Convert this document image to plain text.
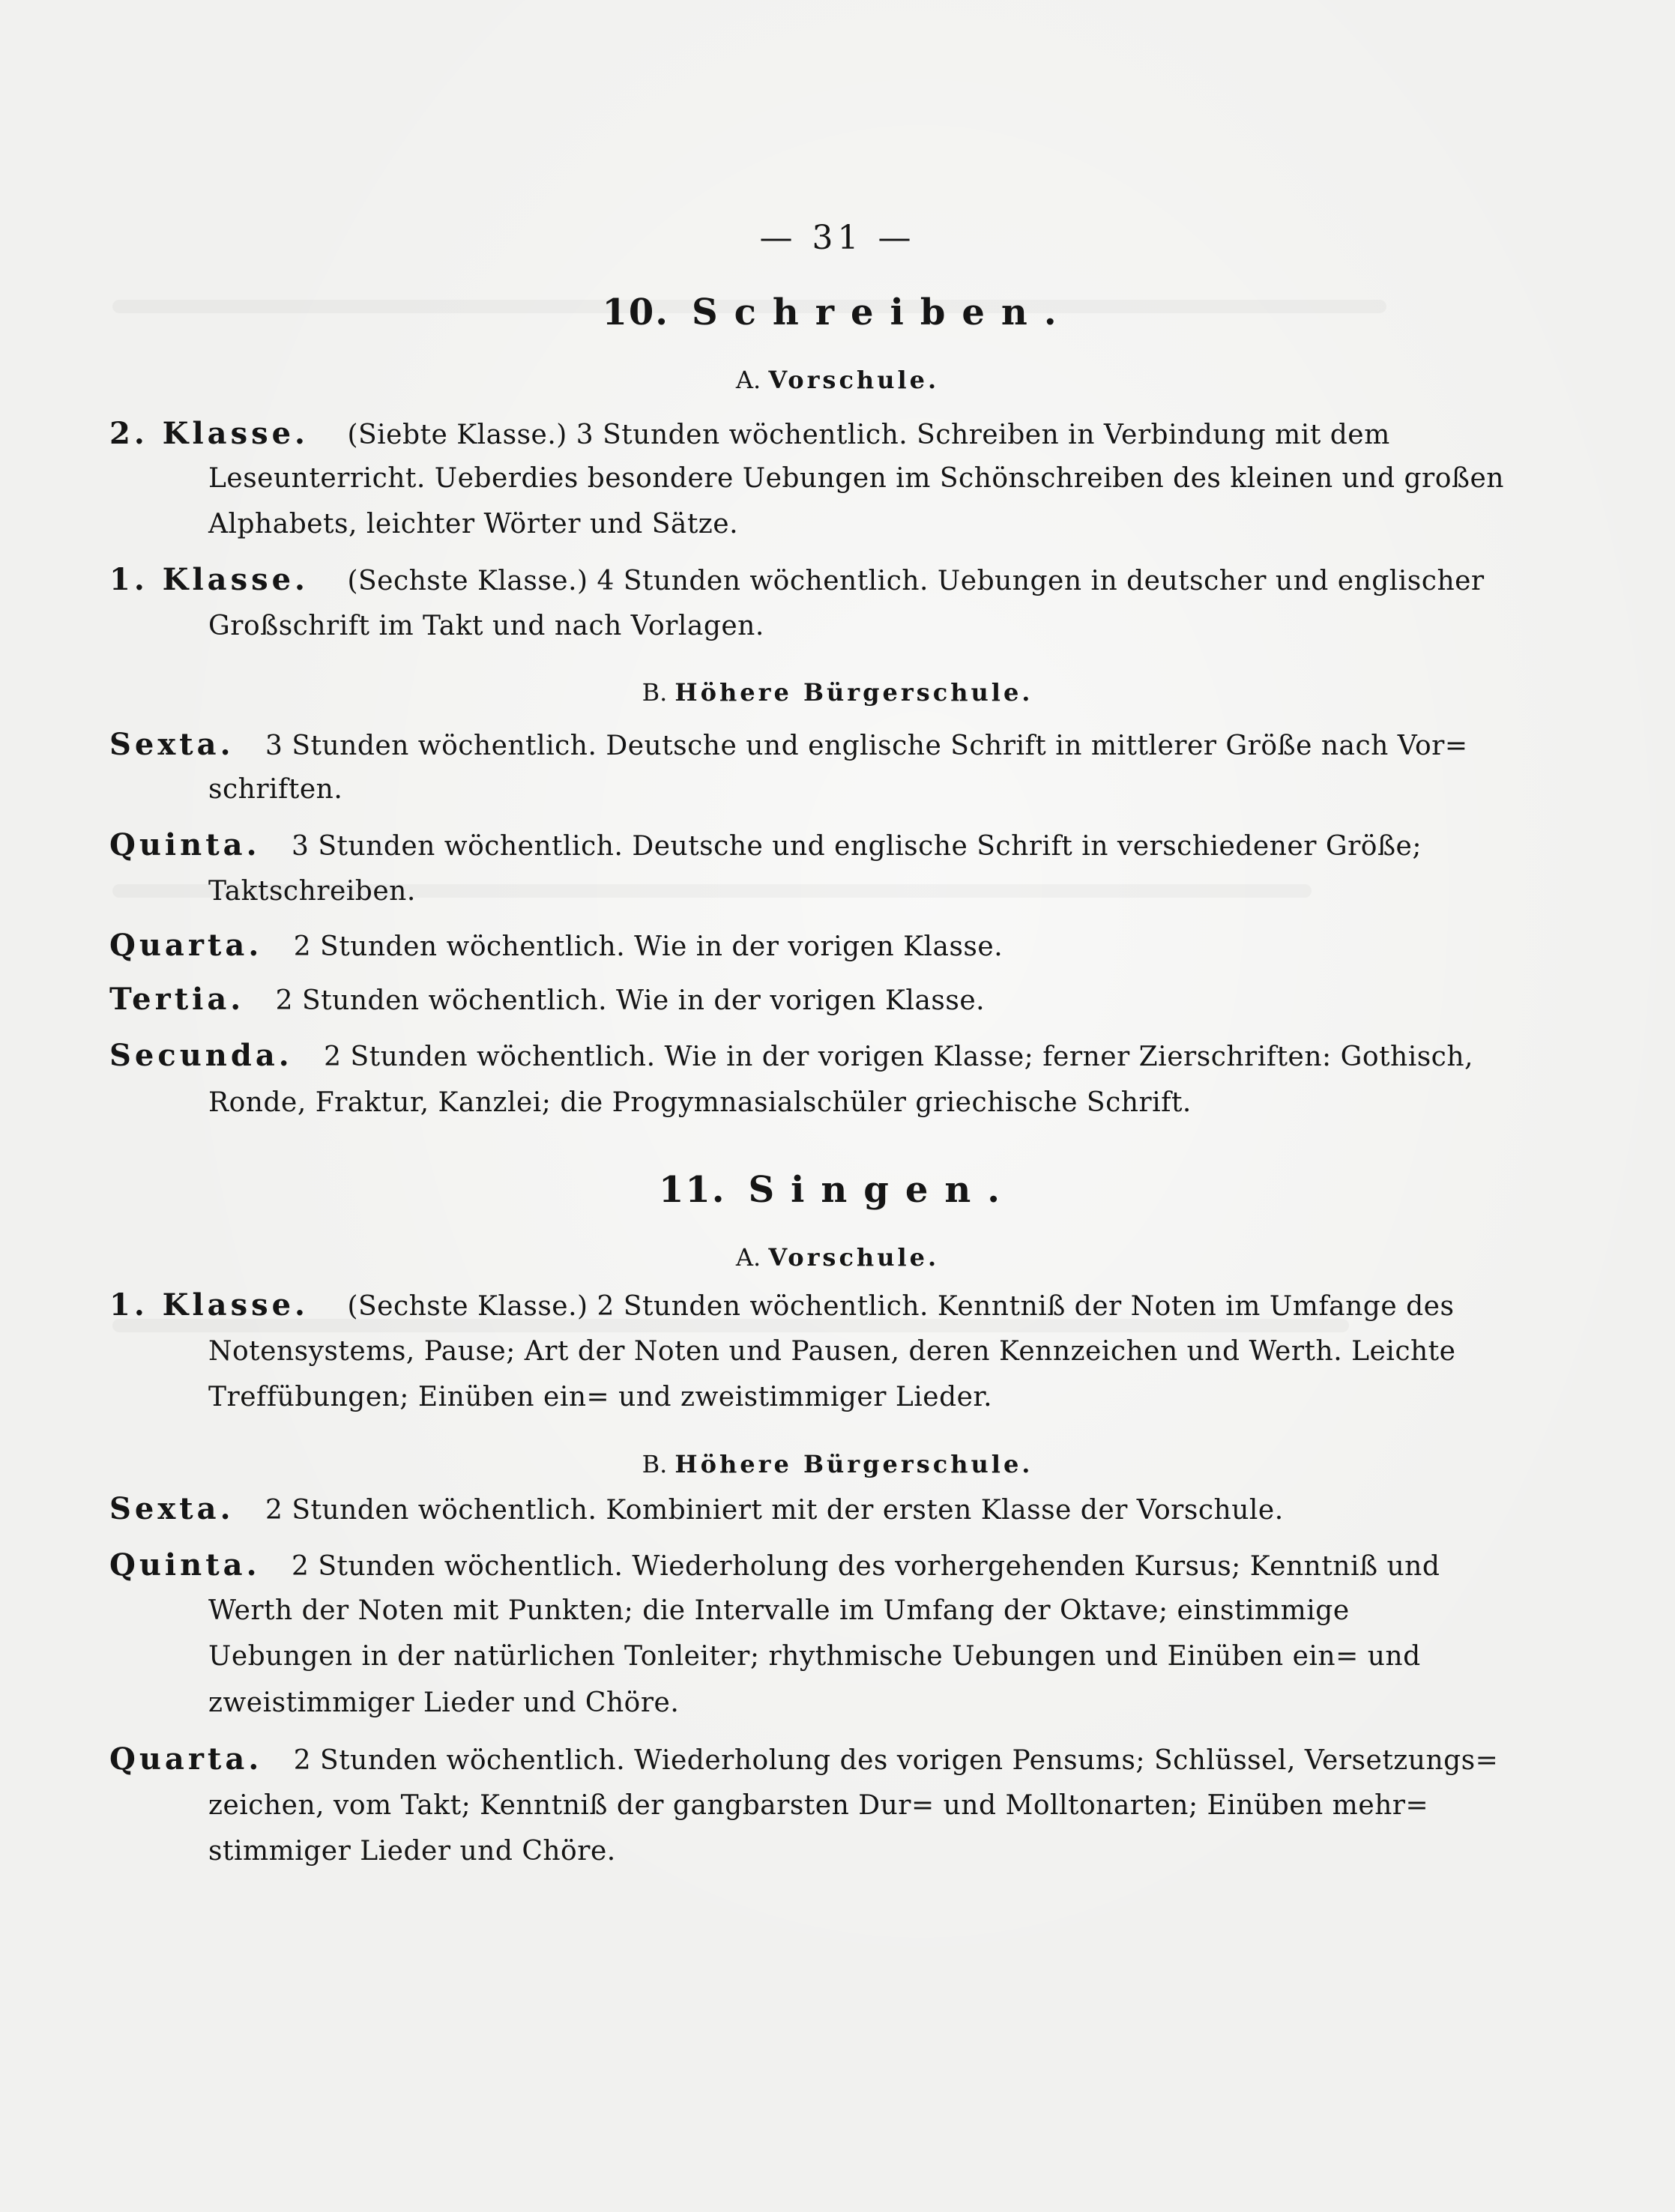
— 31 —
10. Schreiben.
A. Vorschule.
2. Klasse. (Siebte Klasse.) 3 Stunden wöchentlich. Schreiben in Verbindung mit dem
Leseunterricht. Ueberdies besondere Uebungen im Schönschreiben des kleinen und großen
Alphabets, leichter Wörter und Sätze.
1. Klasse. (Sechste Klasse.) 4 Stunden wöchentlich. Uebungen in deutscher und englischer
Großschrift im Takt und nach Vorlagen.
B. Höhere Bürgerschule.
Sexta. 3 Stunden wöchentlich. Deutsche und englische Schrift in mittlerer Größe nach Vor=
schriften.
Quinta. 3 Stunden wöchentlich. Deutsche und englische Schrift in verschiedener Größe;
Taktschreiben.
Quarta. 2 Stunden wöchentlich. Wie in der vorigen Klasse.
Tertia. 2 Stunden wöchentlich. Wie in der vorigen Klasse.
Secunda. 2 Stunden wöchentlich. Wie in der vorigen Klasse; ferner Zierschriften: Gothisch,
Ronde, Fraktur, Kanzlei; die Progymnasialschüler griechische Schrift.
11. Singen.
A. Vorschule.
1. Klasse. (Sechste Klasse.) 2 Stunden wöchentlich. Kenntniß der Noten im Umfange des
Notensystems, Pause; Art der Noten und Pausen, deren Kennzeichen und Werth. Leichte
Treffübungen; Einüben ein= und zweistimmiger Lieder.
B. Höhere Bürgerschule.
Sexta. 2 Stunden wöchentlich. Kombiniert mit der ersten Klasse der Vorschule.
Quinta. 2 Stunden wöchentlich. Wiederholung des vorhergehenden Kursus; Kenntniß und
Werth der Noten mit Punkten; die Intervalle im Umfang der Oktave; einstimmige
Uebungen in der natürlichen Tonleiter; rhythmische Uebungen und Einüben ein= und
zweistimmiger Lieder und Chöre.
Quarta. 2 Stunden wöchentlich. Wiederholung des vorigen Pensums; Schlüssel, Versetzungs=
zeichen, vom Takt; Kenntniß der gangbarsten Dur= und Molltonarten; Einüben mehr=
stimmiger Lieder und Chöre.
